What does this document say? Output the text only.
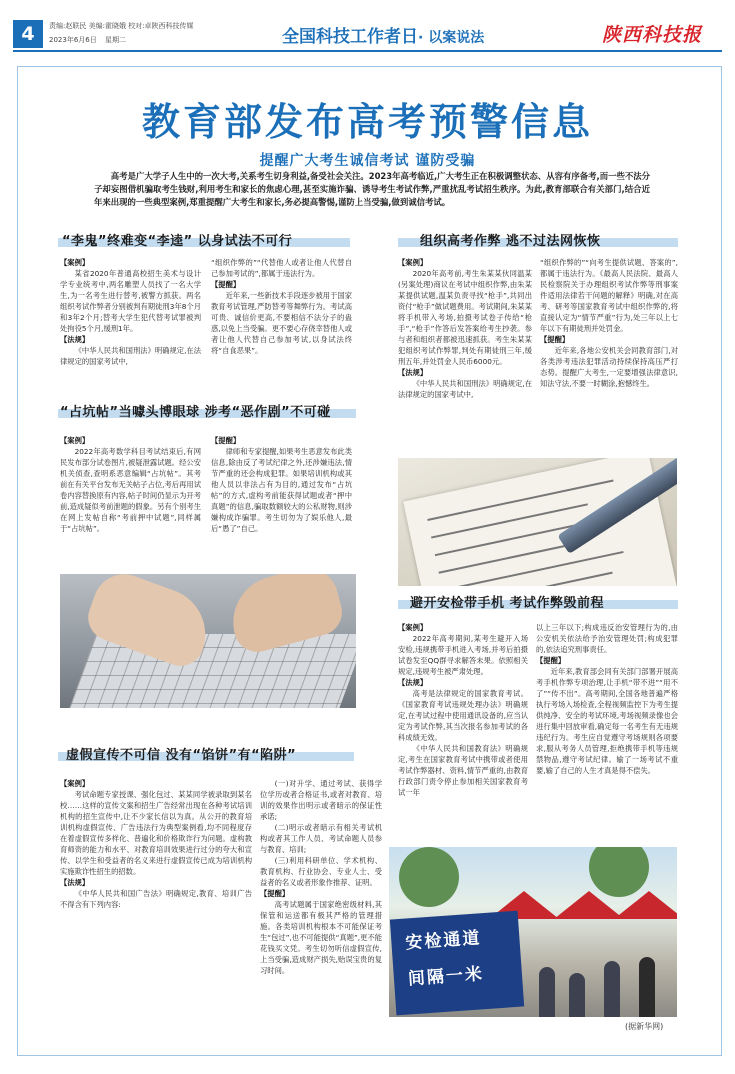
4	责编:赵联民 美编:霍晓娥 校对:卓陕西科技传媒
2023年6月6日 星期二	全国科技工作者日· 以案说法	陕西科技报
教育部发布高考预警信息
提醒广大考生诚信考试 谨防受骗
高考是广大学子人生中的一次大考,关系考生切身利益,备受社会关注。2023年高考临近,广大考生正在积极调整状态、从容有序备考,而一些不法分子却妄图借机骗取考生钱财,利用考生和家长的焦虑心理,甚至实施诈骗、诱导考生考试作弊,严重扰乱考试招生秩序。为此,教育部联合有关部门,结合近年来出现的一些典型案例,郑重提醒广大考生和家长,务必提高警惕,谨防上当受骗,做到诚信考试。
“李鬼”终难变“李逵” 以身试法不可行
【案例】
某省2020年普通高校招生美术与设计学专业统考中,两名雕塑人员找了一名大学生,为一名考生进行替考,被警方抓获。两名组织考试作弊者分别被判有期徒刑3年8个月和3年2个月;替考大学生犯代替考试罪被判处拘役5个月,缓刑1年。
【法规】
《中华人民共和国刑法》明确规定,在法律规定的国家考试中,
“组织作弊的”“代替他人或者让他人代替自己参加考试的”,都属于违法行为。
【提醒】
近年来,一些新技术手段逐步被用于国家教育考试管理,严防替考等舞弊行为。考试高可贵、诚信价更高,不要相信不法分子的蛊惑,以免上当受骗。更不要心存侥幸替他人或者让他人代替自己参加考试,以身试法终将“自食恶果”。
组织高考作弊 逃不过法网恢恢
【案例】
2020年高考前,考生朱某某伙同温某(另案处理)商议在考试中组织作弊,由朱某某提供试题,温某负责寻找“枪手”,共同出资付“枪手”做试题费用。考试期间,朱某某将手机带入考场,拍摄考试卷子传给“枪手”,“枪手”作答后发答案给考生抄袭。参与者和组织者都被迅速抓获。考生朱某某犯组织考试作弊罪,判处有期徒刑三年,缓刑五年,并处罚金人民币6000元。
【法规】
《中华人民共和国刑法》明确规定,在法律规定的国家考试中,
“组织作弊的”“向考生提供试题、答案的”,都属于违法行为。《最高人民法院、最高人民检察院关于办理组织考试作弊等刑事案件适用法律若干问题的解释》明确,对在高考、研考等国家教育考试中组织作弊的,将直接认定为“情节严重”行为,处三年以上七年以下有期徒刑并处罚金。
【提醒】
近年来,各地公安机关会同教育部门,对各类涉考违法犯罪活动持续保持高压严打态势。提醒广大考生,一定要增强法律意识,知法守法,不要一时糊涂,抱憾终生。
“占坑帖”当噱头博眼球 涉考“恶作剧”不可碰
【案例】
2022年高考数学科目考试结束后,有网民发布部分试卷图片,被疑泄露试题。经公安机关侦查,查明系恶意编辑“占坑帖”。其考前在有关平台发布无关帖子占位,考后再用试卷内容替换原有内容,帖子时间仍显示为开考前,造成疑似考前泄题的假象。另有个别考生在网上发帖自称“考前押中试题”,同样属于“占坑帖”。
【提醒】
律师和专家提醒,如果考生恶意发布此类信息,除由反了考试纪律之外,还涉嫌违法,情节严重的还会构成犯罪。如果培训机构或其他人员以非法占有为目的,通过发布“占坑帖”的方式,虚构考前能获得试题或者“押中真题”的信息,骗取数额较大的公私财物,则涉嫌构成诈骗罪。考生切勿为了娱乐他人,最后“愚了”自己。
避开安检带手机 考试作弊毁前程
【案例】
2022年高考期间,某考生避开入场安检,违规携带手机进入考场,并考后拍摄试卷发至QQ群寻求解答未果。依照相关规定,违规考生被严肃处理。
【法规】
高考是法律规定的国家教育考试。《国家教育考试违规处理办法》明确规定,在考试过程中使用通讯设备的,应当认定为考试作弊,其当次报名参加考试的各科成绩无效。
《中华人民共和国教育法》明确规定,考生在国家教育考试中携带或者使用考试作弊器材、资料,情节严重的,由教育行政部门责令停止参加相关国家教育考试一年
以上三年以下;构成违反治安管理行为的,由公安机关依法给予治安管理处罚;构成犯罪的,依法追究刑事责任。
【提醒】
近年来,教育部会同有关部门部署开展高考手机作弊专项治理,让手机“带不进”“用不了”“传不出”。高考期间,全国各地普遍严格执行考场入场检查,全程视频监控下为考生提供纯净、安全的考试环境,考场视频录像也会进行集中回放审看,确定每一名考生有无违规违纪行为。考生应自觉遵守考场规则各项要求,服从考务人员管理,拒绝携带手机等违规禁物品,遵守考试纪律。输了一场考试不重要,输了自己的人生才真是得不偿失。
虚假宣传不可信 没有“馅饼”有“陷阱”
【案例】
考试命题专家授课、强化包过、某某同学被录取到某名校……这样的宣传文案和招生广告经常出现在各种考试培训机构的招生宣传中,让不少家长信以为真。从公开的教育培训机构虚假宣传、广告违法行为典型案例看,均不同程度存在着虚假宣传多样化、普遍化和价格欺诈行为问题。虚构教育师资的能力和水平、对教育培训效果进行过分的夸大和宣传、以学生和受益者的名义来进行虚假宣传已成为培训机构实施欺诈性招生的招数。
【法规】
《中华人民共和国广告法》明确规定,教育、培训广告不得含有下列内容:
(一)对升学、通过考试、获得学位学历或者合格证书,或者对教育、培训的效果作出明示或者暗示的保证性承诺;
(二)明示或者暗示有相关考试机构或者其工作人员、考试命题人员参与教育、培训;
(三)利用科研单位、学术机构、教育机构、行业协会、专业人士、受益者的名义或者形象作推荐、证明。
【提醒】
高考试题属于国家绝密级材料,其保管和运送都有极其严格的管理措施。各类培训机构根本不可能保证考生“包过”,也不可能提供“真题”,更不能花钱买文凭。考生切勿听信虚假宣传,上当受骗,造成财产损失,贻误宝贵的复习时间。
安检通道
间隔一米
(据新华网)
